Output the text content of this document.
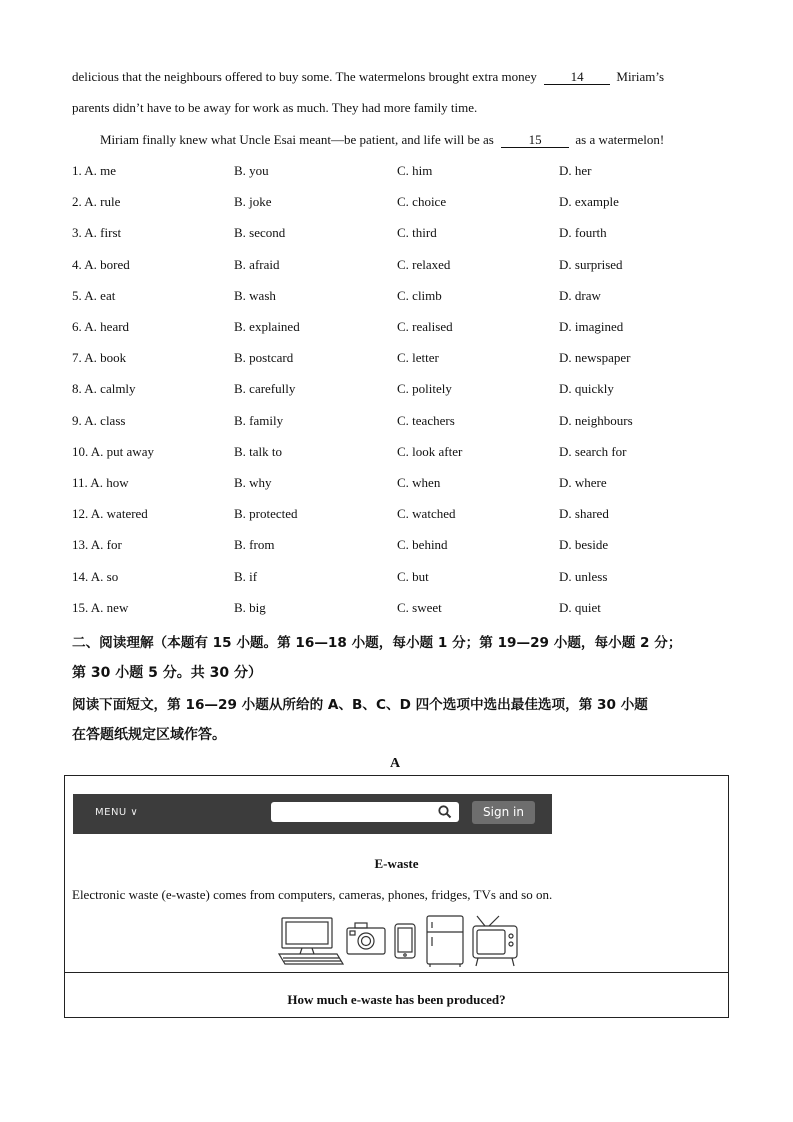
delicious that the neighbours offered to buy some. The watermelons brought extra money	14	Miriam’s
parents didn’t have to be away for work as much. They had more family time.
Miriam finally knew what Uncle Esai meant—be patient, and life will be as	15	as a watermelon!
1. A. me	B. you	C. him	D. her
2. A. rule	B. joke	C. choice	D. example
3. A. first	B. second	C. third	D. fourth
4. A. bored	B. afraid	C. relaxed	D. surprised
5. A. eat	B. wash	C. climb	D. draw
6. A. heard	B. explained	C. realised	D. imagined
7. A. book	B. postcard	C. letter	D. newspaper
8. A. calmly	B. carefully	C. politely	D. quickly
9. A. class	B. family	C. teachers	D. neighbours
10. A. put away	B. talk to	C. look after	D. search for
11. A. how	B. why	C. when	D. where
12. A. watered	B. protected	C. watched	D. shared
13. A. for	B. from	C. behind	D. beside
14. A. so	B. if	C. but	D. unless
15. A. new	B. big	C. sweet	D. quiet
二、阅读理解（本题有 15 小题。第 16—18 小题，每小题 1 分；第 19—29 小题，每小题 2 分；
第 30 小题 5 分。共 30 分）
阅读下面短文，第 16—29 小题从所给的 A、B、C、D 四个选项中选出最佳选项，第 30 小题
在答题纸规定区域作答。
A
MENU ∨	Sign in
E-waste
Electronic waste (e-waste) comes from computers, cameras, phones, fridges, TVs and so on.
How much e-waste has been produced?
